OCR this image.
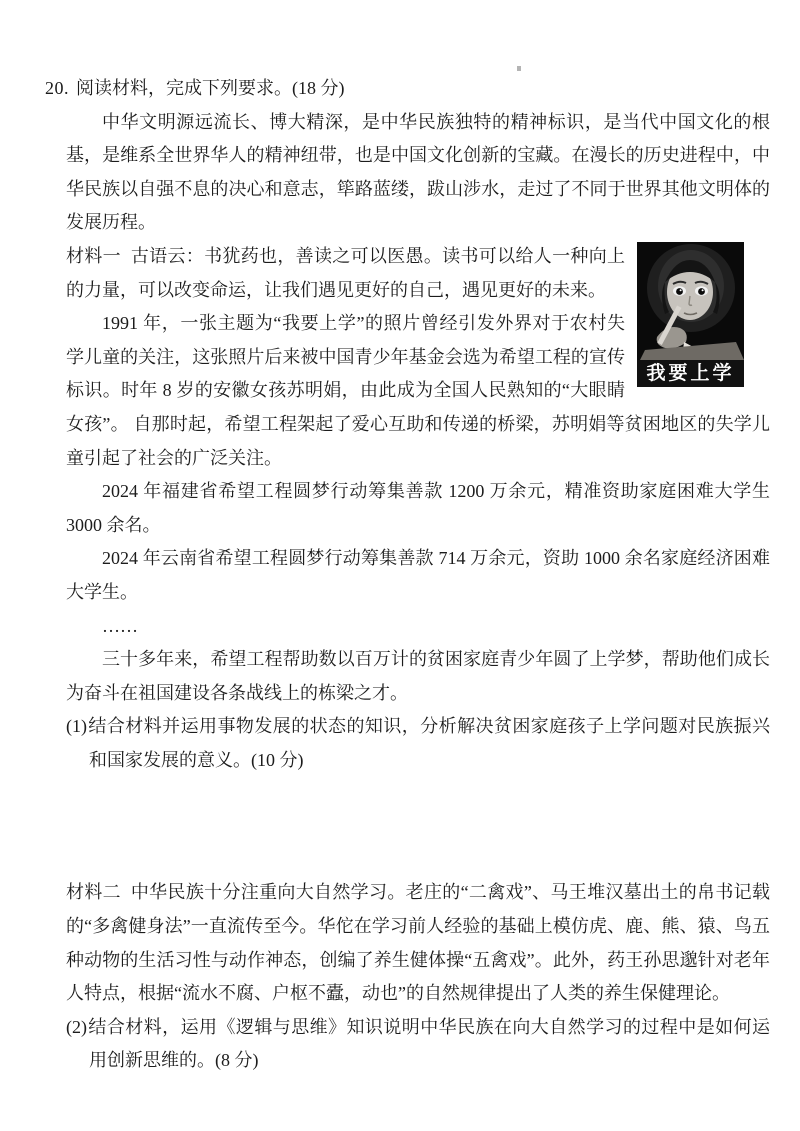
20. 阅读材料，完成下列要求。(18 分)

中华文明源远流长、博大精深，是中华民族独特的精神标识，是当代中国文化的根基，是维系全世界华人的精神纽带，也是中国文化创新的宝藏。在漫长的历史进程中，中华民族以自强不息的决心和意志，筚路蓝缕，跋山涉水，走过了不同于世界其他文明体的发展历程。

我要上学

材料一 古语云：书犹药也，善读之可以医愚。读书可以给人一种向上的力量，可以改变命运，让我们遇见更好的自己，遇见更好的未来。

1991 年，一张主题为“我要上学”的照片曾经引发外界对于农村失学儿童的关注，这张照片后来被中国青少年基金会选为希望工程的宣传标识。时年 8 岁的安徽女孩苏明娟，由此成为全国人民熟知的“大眼睛女孩”。 自那时起，希望工程架起了爱心互助和传递的桥梁，苏明娟等贫困地区的失学儿童引起了社会的广泛关注。

2024 年福建省希望工程圆梦行动筹集善款 1200 万余元，精准资助家庭困难大学生 3000 余名。

2024 年云南省希望工程圆梦行动筹集善款 714 万余元，资助 1000 余名家庭经济困难大学生。

……

三十多年来，希望工程帮助数以百万计的贫困家庭青少年圆了上学梦，帮助他们成长为奋斗在祖国建设各条战线上的栋梁之才。

(1)结合材料并运用事物发展的状态的知识，分析解决贫困家庭孩子上学问题对民族振兴和国家发展的意义。(10 分)

材料二 中华民族十分注重向大自然学习。老庄的“二禽戏”、马王堆汉墓出土的帛书记载的“多禽健身法”一直流传至今。华佗在学习前人经验的基础上模仿虎、鹿、熊、猿、鸟五种动物的生活习性与动作神态，创编了养生健体操“五禽戏”。此外，药王孙思邈针对老年人特点，根据“流水不腐、户枢不蠹，动也”的自然规律提出了人类的养生保健理论。

(2)结合材料，运用《逻辑与思维》知识说明中华民族在向大自然学习的过程中是如何运用创新思维的。(8 分)
